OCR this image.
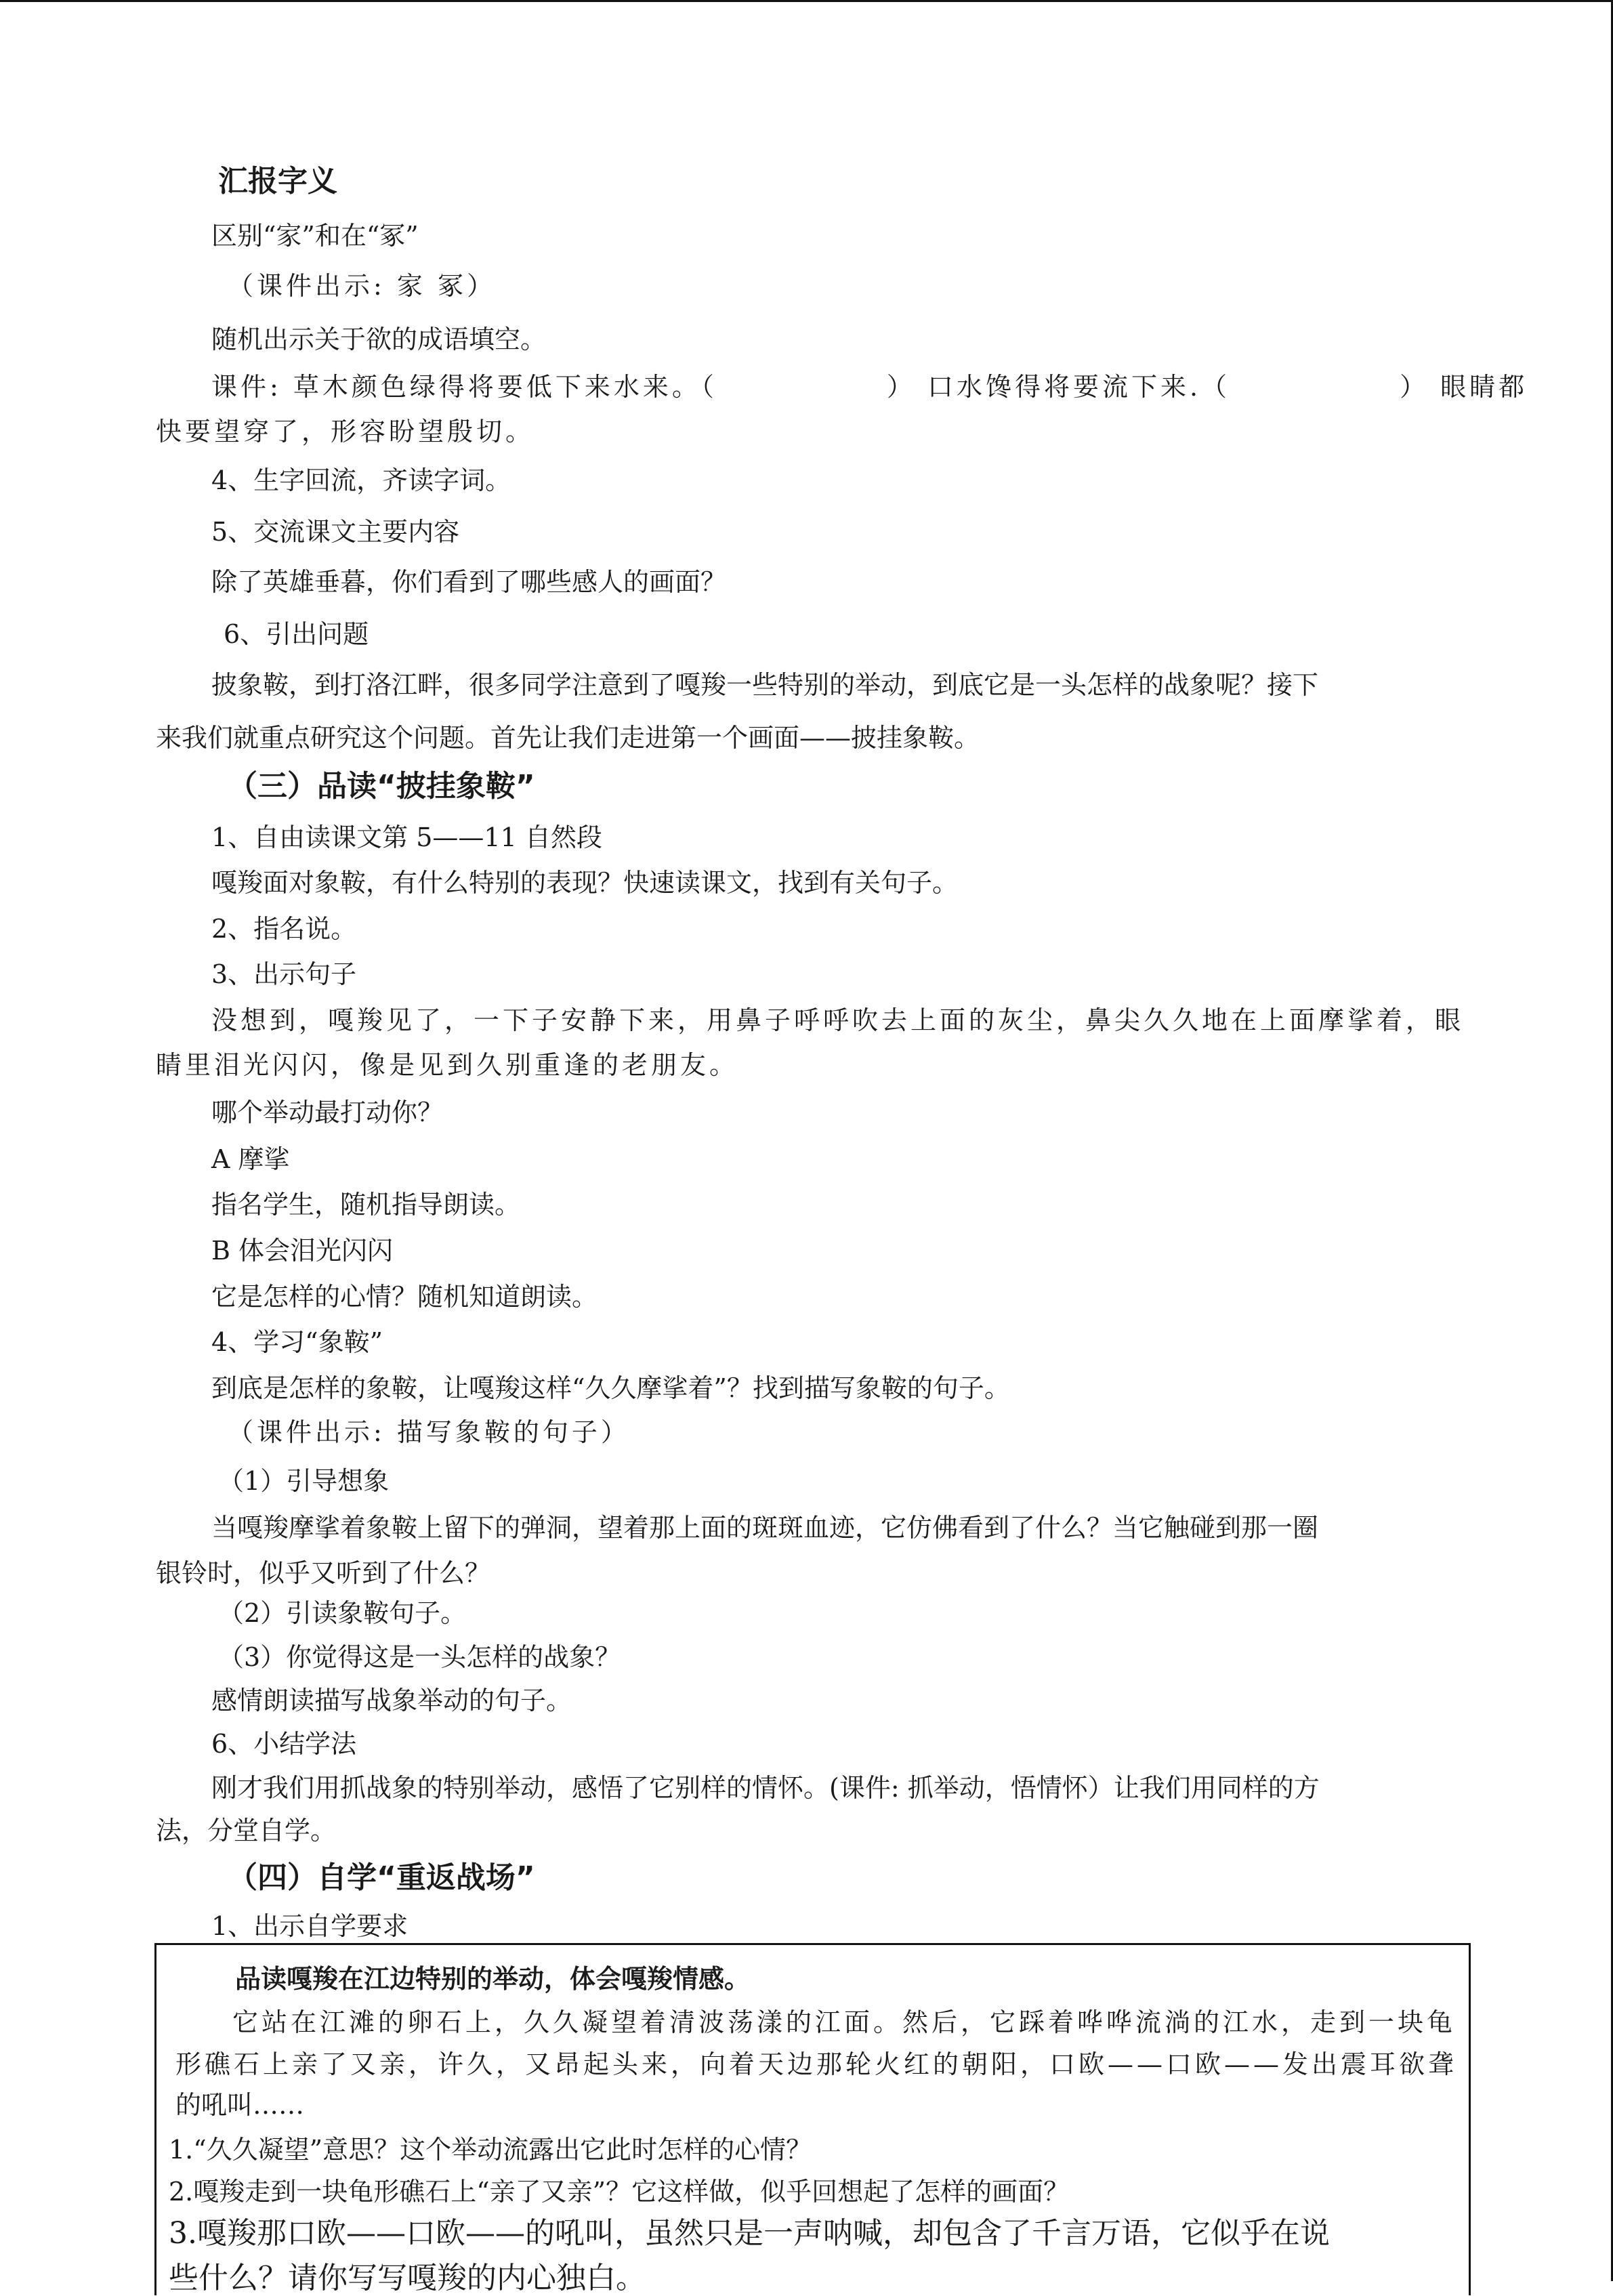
汇报字义
区别“家”和在“冢”
（课件出示: 家 冢）
随机出示关于欲的成语填空。
课件: 草木颜色绿得将要低下来水来。（	） 口水馋得将要流下来.（	） 眼睛都
快要望穿了，形容盼望殷切。
4、生字回流，齐读字词。
5、交流课文主要内容
除了英雄垂暮，你们看到了哪些感人的画面？
6、引出问题
披象鞍，到打洛江畔，很多同学注意到了嘎羧一些特别的举动，到底它是一头怎样的战象呢？接下
来我们就重点研究这个问题。首先让我们走进第一个画面——披挂象鞍。
（三）品读“披挂象鞍”
1、自由读课文第 5——11 自然段
嘎羧面对象鞍，有什么特别的表现？快速读课文，找到有关句子。
2、指名说。
3、出示句子
没想到，嘎羧见了，一下子安静下来，用鼻子呼呼吹去上面的灰尘，鼻尖久久地在上面摩挲着，眼
睛里泪光闪闪，像是见到久别重逢的老朋友。
哪个举动最打动你？
A 摩挲
指名学生，随机指导朗读。
B 体会泪光闪闪
它是怎样的心情？随机知道朗读。
4、学习“象鞍”
到底是怎样的象鞍，让嘎羧这样“久久摩挲着”？找到描写象鞍的句子。
（课件出示: 描写象鞍的句子）
（1）引导想象
当嘎羧摩挲着象鞍上留下的弹洞，望着那上面的斑斑血迹，它仿佛看到了什么？当它触碰到那一圈
银铃时，似乎又听到了什么？
（2）引读象鞍句子。
（3）你觉得这是一头怎样的战象？
感情朗读描写战象举动的句子。
6、小结学法
刚才我们用抓战象的特别举动，感悟了它别样的情怀。(课件: 抓举动，悟情怀）让我们用同样的方
法，分堂自学。
（四）自学“重返战场”
1、出示自学要求
品读嘎羧在江边特别的举动，体会嘎羧情感。
它站在江滩的卵石上，久久凝望着清波荡漾的江面。然后，它踩着哗哗流淌的江水，走到一块龟
形礁石上亲了又亲，许久，又昂起头来，向着天边那轮火红的朝阳，口欧——口欧——发出震耳欲聋
的吼叫……
1.“久久凝望”意思？这个举动流露出它此时怎样的心情？
2.嘎羧走到一块龟形礁石上“亲了又亲”？它这样做，似乎回想起了怎样的画面？
3.嘎羧那口欧——口欧——的吼叫，虽然只是一声呐喊，却包含了千言万语，它似乎在说
些什么？请你写写嘎羧的内心独白。
